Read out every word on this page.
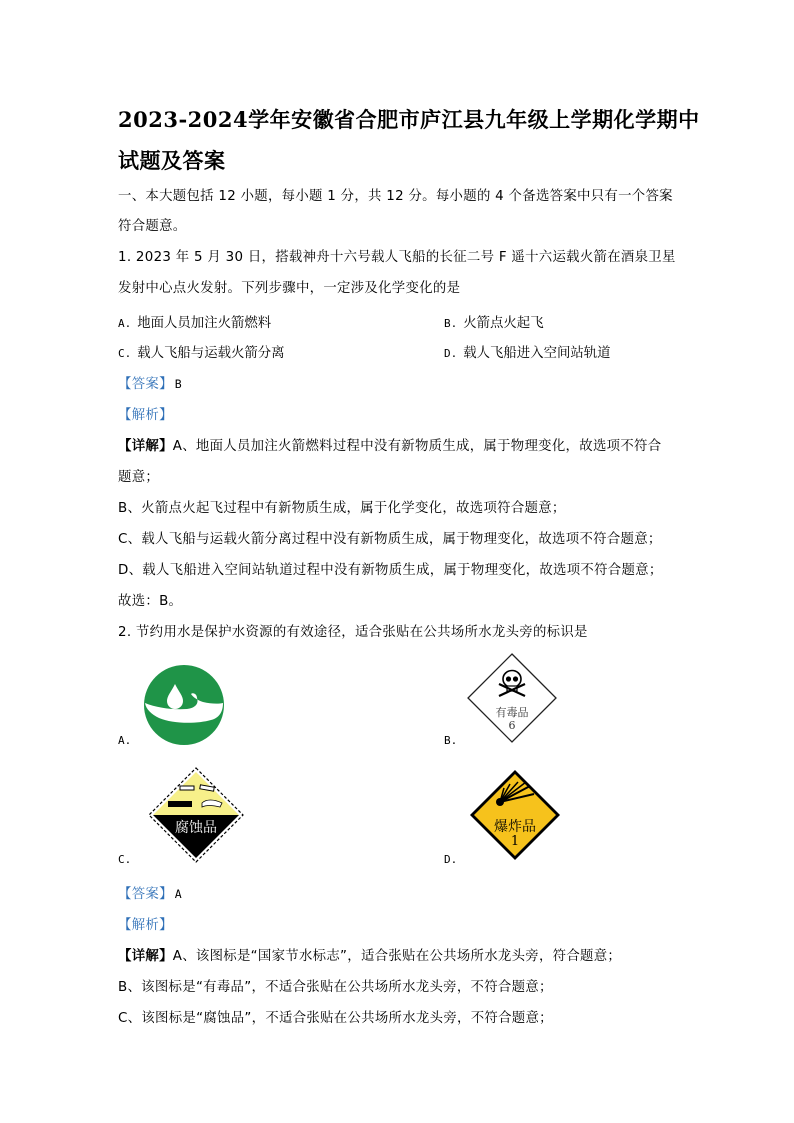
2023-2024学年安徽省合肥市庐江县九年级上学期化学期中
试题及答案
一、本大题包括 12 小题，每小题 1 分，共 12 分。每小题的 4 个备选答案中只有一个答案
符合题意。
1. 2023 年 5 月 30 日，搭载神舟十六号载人飞船的长征二号 F 遥十六运载火箭在酒泉卫星
发射中心点火发射。下列步骤中，一定涉及化学变化的是
A. 地面人员加注火箭燃料	B. 火箭点火起飞
C. 载人飞船与运载火箭分离	D. 载人飞船进入空间站轨道
【答案】 B
【解析】
【详解】A、地面人员加注火箭燃料过程中没有新物质生成，属于物理变化，故选项不符合
题意；
B、火箭点火起飞过程中有新物质生成，属于化学变化，故选项符合题意；
C、载人飞船与运载火箭分离过程中没有新物质生成，属于物理变化，故选项不符合题意；
D、载人飞船进入空间站轨道过程中没有新物质生成，属于物理变化，故选项不符合题意；
故选：B。
2. 节约用水是保护水资源的有效途径，适合张贴在公共场所水龙头旁的标识是
A.	B.
有毒品
6
C.
腐蚀品
D.
爆炸品
1
【答案】 A
【解析】
【详解】A、该图标是“国家节水标志”，适合张贴在公共场所水龙头旁，符合题意；
B、该图标是“有毒品”，不适合张贴在公共场所水龙头旁，不符合题意；
C、该图标是“腐蚀品”，不适合张贴在公共场所水龙头旁，不符合题意；
